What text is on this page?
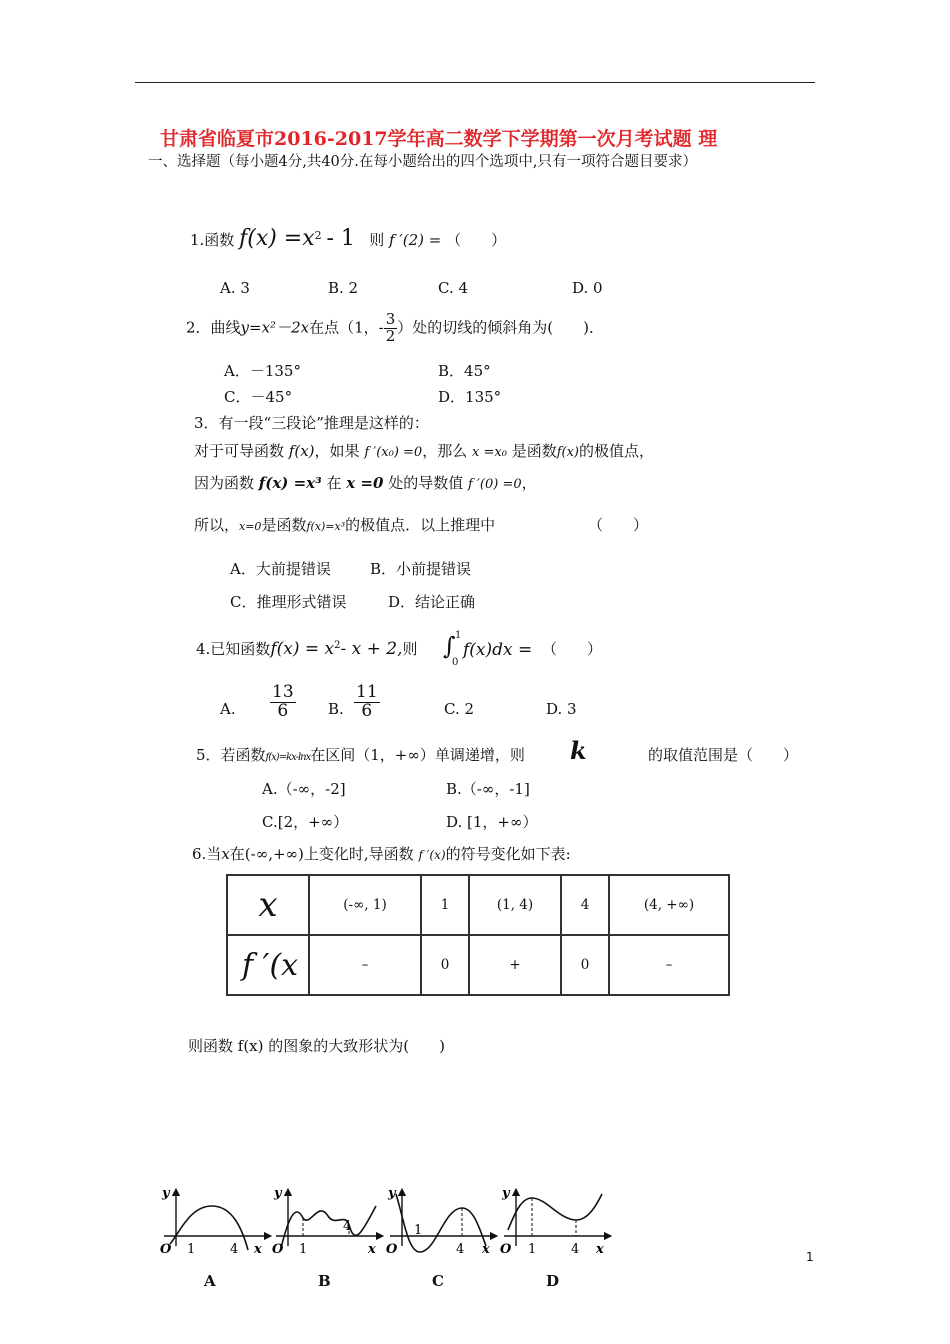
甘肃省临夏市2016-2017学年高二数学下学期第一次月考试题 理
一、选择题（每小题4分,共40分.在每小题给出的四个选项中,只有一项符合题目要求）
1.函数 $f(x) =x^2 - 1$ 则 f ′(2) = （　　）
A. 3	B. 2	C. 4	D. 0
2．曲线y=x²－2x在点（1，- $\frac{3}{2}$ ）处的切线的倾斜角为(　　)．
A．－135°	B．45°
C．－45°	D．135°
3．有一段“三段论”推理是这样的：
对于可导函数 f(x)，如果 f ′(x₀) =0，那么 x =x₀ 是函数f(x)的极值点，
因为函数 f(x) =x³ 在 x =0 处的导数值 f ′(0) =0，
所以，x=0是函数f(x)=x³的极值点．以上推理中	（　　）
A．大前提错误	B．小前提错误
C．推理形式错误	D．结论正确
4.已知函数$f(x) = x^2-$ x + 2,则 ∫ 1
0
f(x)dx = （　　）
A. $\frac{13}{6} B$. $\frac{11}{6}$	C. 2	D. 3
5．若函数f(x)=kx-lnx在区间（1，+∞）单调递增，则 k	的取值范围是（　　）
A.（-∞，-2]	B.（-∞，-1]
C.[2，+∞）	D. [1，+∞）
6.当x在(-∞,+∞)上变化时,导函数 f ′(x)的符号变化如下表:
x	(-∞, 1)	1	(1, 4)	4	(4, +∞)
f ′(x	–	0	+	0	–
则函数 f(x) 的图象的大致形状为(　　)
y
O 1	4 x
y
O 1
4
x
y
O
1
4 x
y
O 1	4 x
A	B	C	D
1
